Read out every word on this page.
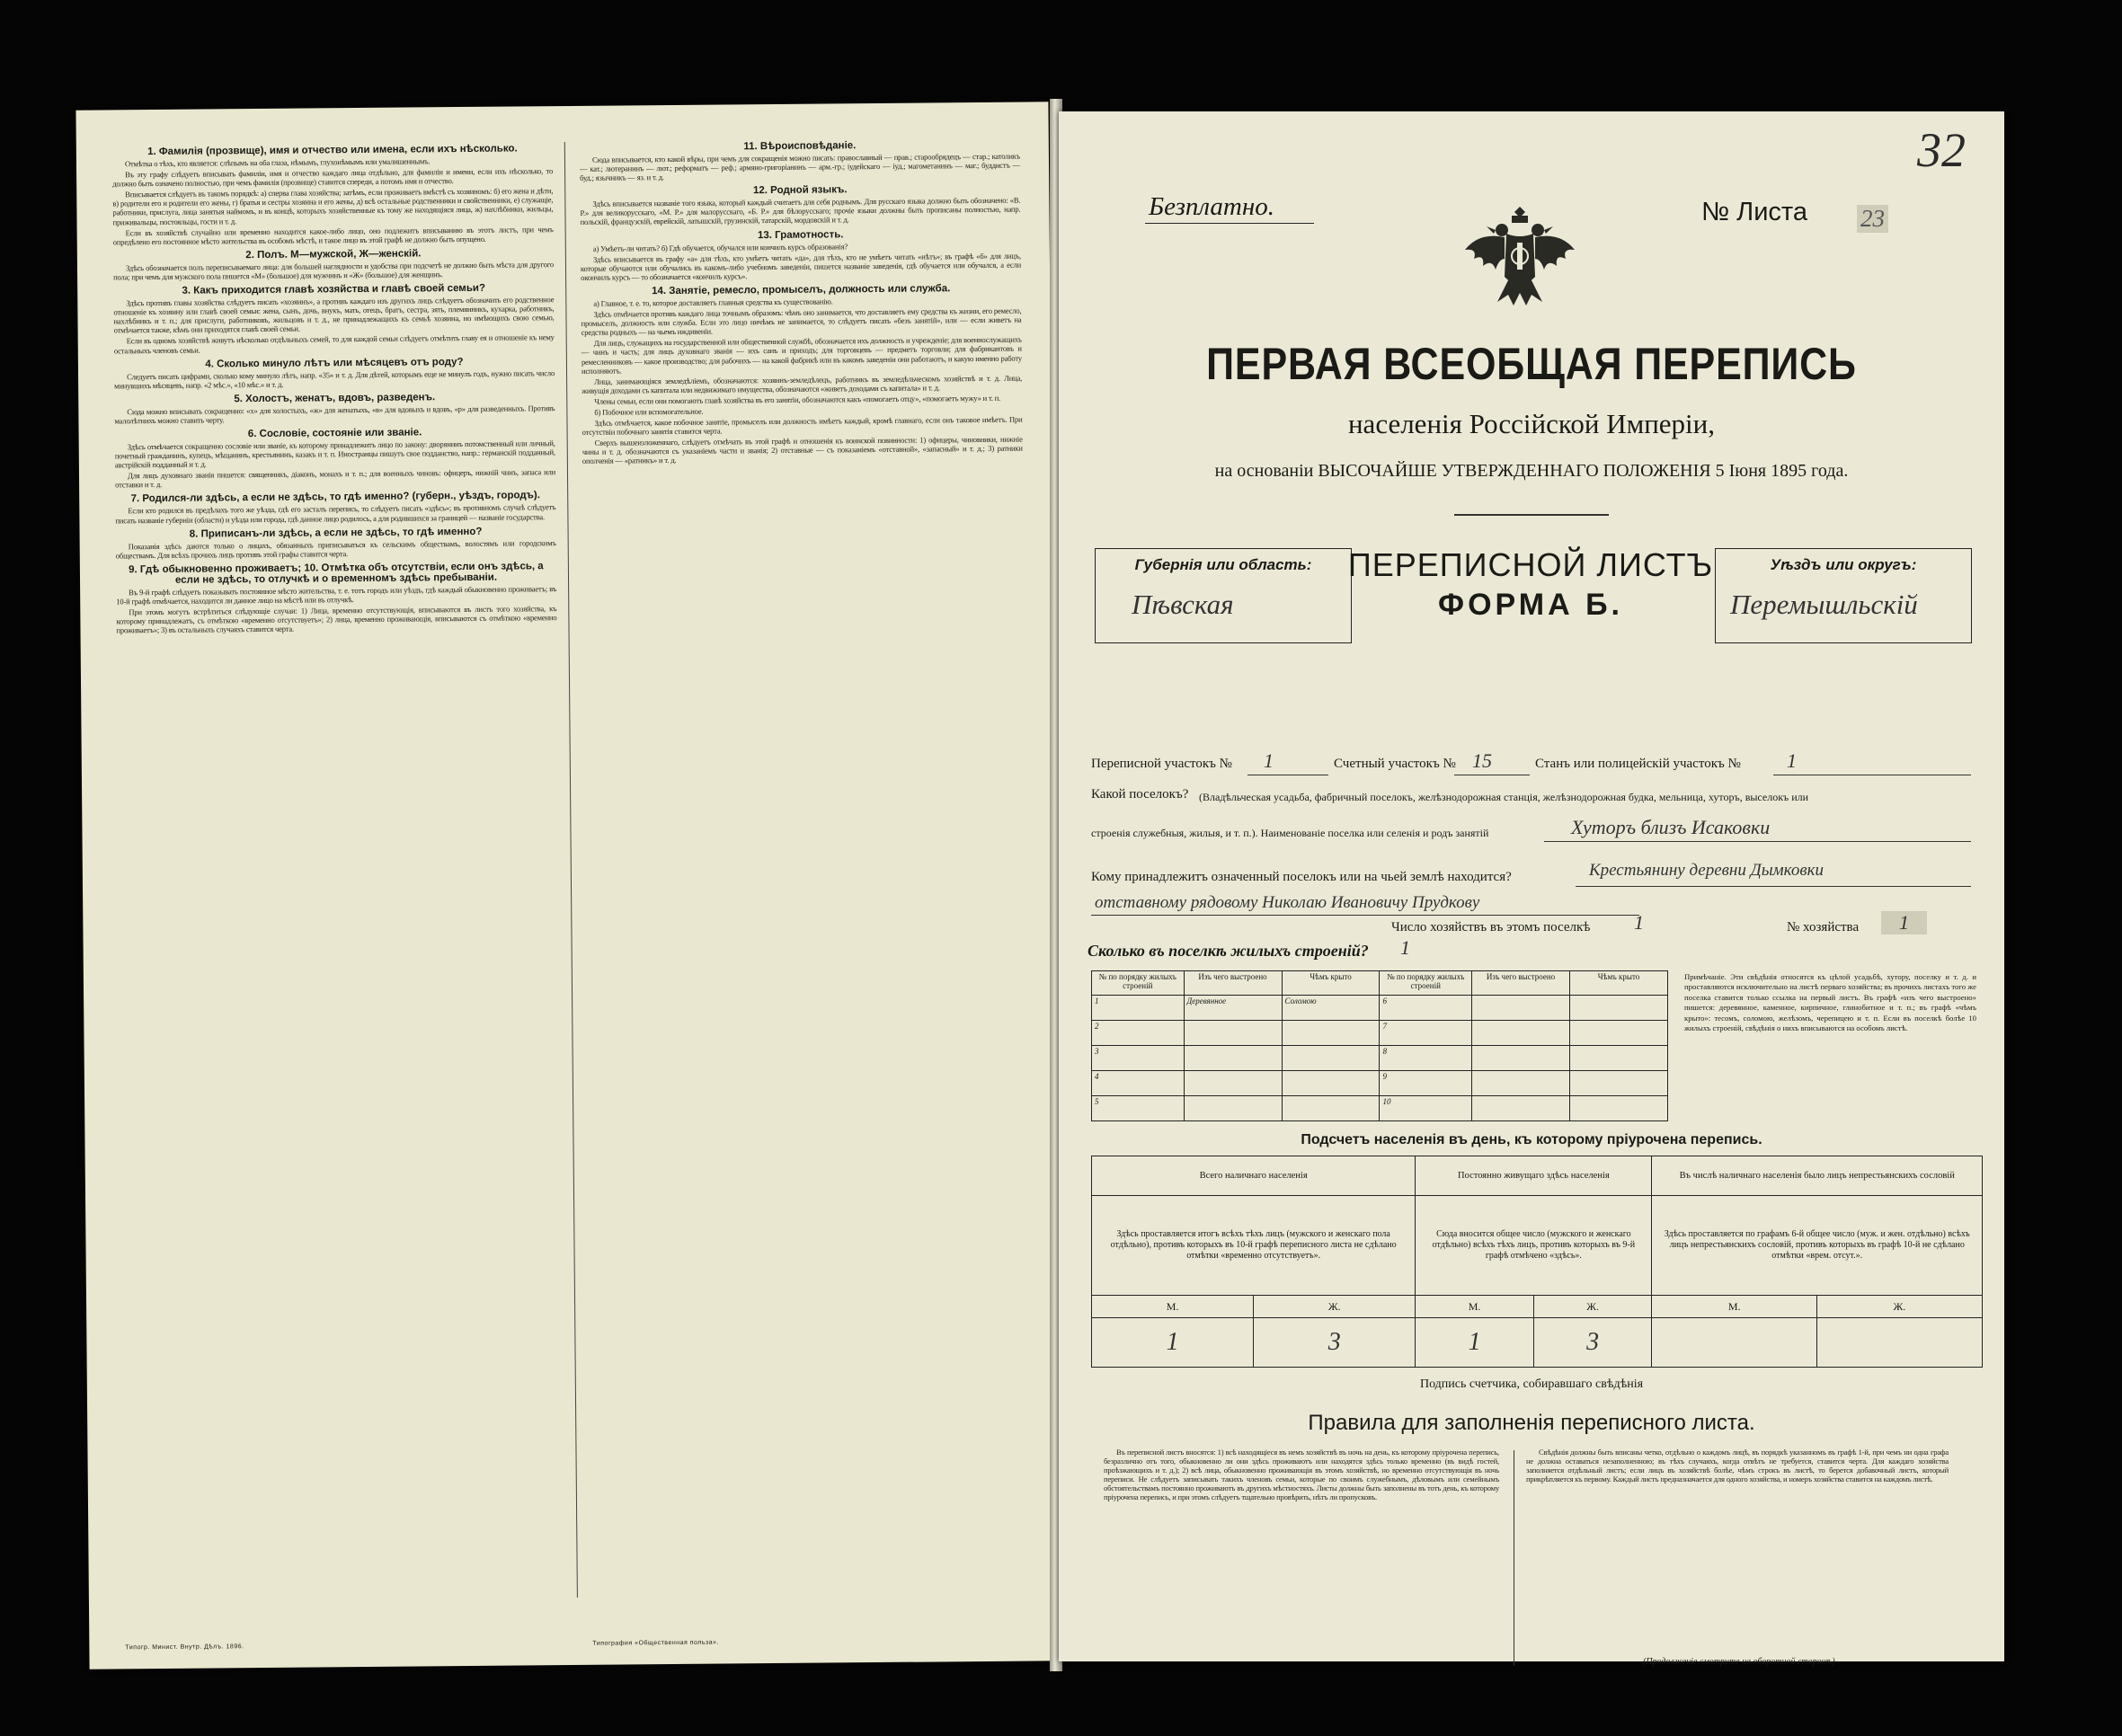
1. Фамилія (прозвище), имя и отчество или имена, если ихъ нѣсколько.
Отмѣтка о тѣхъ, кто является: слѣпымъ на оба глаза, нѣмымъ, глухонѣмымъ или умалишеннымъ.
Въ эту графу слѣдуетъ вписывать фамиліи, имя и отчество каждаго лица отдѣльно, для фамиліи и имени, если ихъ нѣсколько, то должно быть означено полностью, при чемъ фамилія (прозвище) ставится спереди, а потомъ имя и отчество.
Вписывается слѣдуетъ въ такомъ порядкѣ: а) сперва глава хозяйства; затѣмъ, если проживаетъ вмѣстѣ съ хозяиномъ: б) его жена и дѣти, в) родители его и родители его жены, г) братья и сестры хозяина и его жены, д) всѣ остальные родственники и свойственники, е) служащіе, работники, прислуга, лица занятыя наймомъ, и въ концѣ, которыхъ хозяйственные къ тому же находящіяся лица, ж) нахлѣбники, жильцы, приживальцы, постояльцы, гости и т. д.
Если въ хозяйствѣ случайно или временно находится какое-либо лицо, оно подлежитъ вписыванию въ этотъ листъ, при чемъ опредѣлено его постоянное мѣсто жительства въ особомъ мѣстѣ, и такое лицо въ этой графѣ не должно быть опущено.
2. Полъ. М—мужской, Ж—женскій.
Здѣсь обозначается полъ переписываемаго лица: для большей наглядности и удобства при подсчетѣ не должно быть мѣста для другого пола; при чемъ для мужского пола пишется «М» (большое) для мужчинъ и «Ж» (большое) для женщинъ.
3. Какъ приходится главѣ хозяйства и главѣ своей семьи?
Здѣсь противъ главы хозяйства слѣдуетъ писать «хозяинъ», а противъ каждаго изъ другихъ лицъ слѣдуетъ обозначить его родственное отношеніе къ хозяину или главѣ своей семьи: жена, сынъ, дочь, внукъ, мать, отецъ, братъ, сестра, зять, племянникъ, кухарка, работникъ, нахлѣбникъ и т. п.; для прислуги, работниковъ, жильцовъ и т. д., не принадлежащихъ къ семьѣ хозяина, но имѣющихъ свою семью, отмѣчается также, кѣмъ они приходятся главѣ своей семьи.
Если въ одномъ хозяйствѣ живутъ нѣсколько отдѣльныхъ семей, то для каждой семьи слѣдуетъ отмѣтить главу ея и отношеніе къ нему остальныхъ членовъ семьи.
4. Сколько минуло лѣтъ или мѣсяцевъ отъ роду?
Следуетъ писать цифрами, сколько кому минуло лѣтъ, напр. «35» и т. д. Для дѣтей, которымъ еще не минулъ годъ, нужно писать число минувшихъ мѣсяцевъ, напр. «2 мѣс.», «10 мѣс.» и т. д.
5. Холостъ, женатъ, вдовъ, разведенъ.
Сюда можно вписывать сокращенно: «х» для холостыхъ, «ж» для женатыхъ, «в» для вдовыхъ и вдовъ, «р» для разведенныхъ. Противъ малолѣтнихъ можно ставить черту.
6. Сословіе, состояніе или званіе.
Здѣсь отмѣчается сокращенно сословіе или званіе, къ которому принадлежитъ лицо по закону: дворянинъ потомственный или личный, почетный гражданинъ, купецъ, мѣщанинъ, крестьянинъ, казакъ и т. п. Иностранцы пишутъ свое подданство, напр.: германскій подданный, австрійскій подданный и т. д.
Для лицъ духовнаго званія пишется: священникъ, діаконъ, монахъ и т. п.; для военныхъ чиновъ: офицеръ, нижній чинъ, запаса или отставки и т. д.
7. Родился-ли здѣсь, а если не здѣсь, то гдѣ именно? (губерн., уѣздъ, городъ).
Если кто родился въ предѣлахъ того же уѣзда, гдѣ его засталъ перепись, то слѣдуетъ писать «здѣсь»; въ противномъ случаѣ слѣдуетъ писать названіе губерніи (области) и уѣзда или города, гдѣ данное лицо родилось, а для родившихся за границей — названіе государства.
8. Приписанъ-ли здѣсь, а если не здѣсь, то гдѣ именно?
Показанія здѣсь даются только о лицахъ, обязанныхъ приписываться къ сельскимъ обществамъ, волостямъ или городскимъ обществамъ. Для всѣхъ прочихъ лицъ противъ этой графы ставится черта.
9. Гдѣ обыкновенно проживаетъ; 10. Отмѣтка объ отсутствіи, если онъ здѣсь, а если не здѣсь, то отлучкѣ и о временномъ здѣсь пребываніи.
Въ 9-й графѣ слѣдуетъ показывать постоянное мѣсто жительства, т. е. тотъ городъ или уѣздъ, гдѣ каждый обыкновенно проживаетъ; въ 10-й графѣ отмѣчается, находится ли данное лицо на мѣстѣ или въ отлучкѣ.
При этомъ могутъ встрѣтиться слѣдующіе случаи: 1) Лица, временно отсутствующія, вписываются въ листъ того хозяйства, къ которому принадлежатъ, съ отмѣткою «временно отсутствуетъ»; 2) лица, временно проживающія, вписываются съ отмѣткою «временно проживаетъ»; 3) въ остальныхъ случаяхъ ставится черта.
11. Вѣроисповѣданіе.
Сюда вписывается, кто какой вѣры, при чемъ для сокращенія можно писать: православный — прав.; старообрядецъ — стар.; католикъ — кат.; лютеранинъ — лют.; реформатъ — реф.; армяно-григоріанинъ — арм.-гр.; іудейскаго — іуд.; магометанинъ — маг.; буддистъ — буд.; язычникъ — яз. и т. д.
12. Родной языкъ.
Здѣсь вписывается названіе того языка, который каждый считаетъ для себя роднымъ. Для русскаго языка должно быть обозначено: «В. Р.» для великорусскаго, «М. Р.» для малорусскаго, «Б. Р.» для бѣлорусскаго; прочіе языки должны быть прописаны полностью, напр. польскій, французскій, еврейскій, латышскій, грузинскій, татарскій, мордовскій и т. д.
13. Грамотность.
а) Умѣетъ-ли читать? б) Гдѣ обучается, обучался или кончилъ курсъ образованія?
Здѣсь вписывается въ графу «а» для тѣхъ, кто умѣетъ читать «да», для тѣхъ, кто не умѣетъ читать «нѣтъ»; въ графѣ «б» для лицъ, которые обучаются или обучались въ какомъ-либо учебномъ заведеніи, пишется названіе заведенія, гдѣ обучается или обучался, а если окончилъ курсъ — то обозначается «кончилъ курсъ».
14. Занятіе, ремесло, промыселъ, должность или служба.
а) Главное, т. е. то, которое доставляетъ главныя средства къ существованію.
Здѣсь отмѣчается противъ каждаго лица точнымъ образомъ: чѣмъ оно занимается, что доставляетъ ему средства къ жизни, его ремесло, промыселъ, должность или служба. Если это лицо ничѣмъ не занимается, то слѣдуетъ писать «безъ занятій», или — если живетъ на средства родныхъ — на чьемъ иждивеніи.
Для лицъ, служащихъ на государственной или общественной службѣ, обозначается ихъ должность и учрежденіе; для военнослужащихъ — чинъ и часть; для лицъ духовнаго званія — ихъ санъ и приходъ; для торговцевъ — предметъ торговли; для фабрикантовъ и ремесленниковъ — какое производство; для рабочихъ — на какой фабрикѣ или въ какомъ заведеніи они работаютъ, и какую именно работу исполняютъ.
Лица, занимающіяся земледѣліемъ, обозначаются: хозяинъ-земледѣлецъ, работникъ въ земледѣльческомъ хозяйствѣ и т. д. Лица, живущія доходами съ капитала или недвижимаго имущества, обозначаются «живетъ доходами съ капитала» и т. д.
Члены семьи, если они помогаютъ главѣ хозяйства въ его занятіи, обозначаются какъ «помогаетъ отцу», «помогаетъ мужу» и т. п.
б) Побочное или вспомогательное.
Здѣсь отмѣчается, какое побочное занятіе, промыселъ или должность имѣетъ каждый, кромѣ главнаго, если онъ таковое имѣетъ. При отсутствіи побочнаго занятія ставится черта.
Сверхъ вышеизложеннаго, слѣдуетъ отмѣчать въ этой графѣ и отношенія къ воинской повинности: 1) офицеры, чиновники, нижніе чины и т. д. обозначаются съ указаніемъ части и званія; 2) отставные — съ показаніемъ «отставной», «запасный» и т. д.; 3) ратники ополченія — «ратникъ» и т. д.
Типогр. Минист. Внутр. Дѣлъ. 1896.
Типография «Общественная польза».
32
Безплатно.	№ Листа 23
ПЕРВАЯ ВСЕОБЩАЯ ПЕРЕПИСЬ
населенія Россійской Имперіи,
на основаніи ВЫСОЧАЙШЕ УТВЕРЖДЕННАГО ПОЛОЖЕНІЯ 5 Іюня 1895 года.
Губернія или область:
Пѣвская
ПЕРЕПИСНОЙ ЛИСТЪ
ФОРМА Б.
Уѣздъ или округъ:
Перемышльскій
Переписной участокъ № 1	Счетный участокъ № 15	Станъ или полицейскій участокъ № 1
Какой поселокъ? (Владѣльческая усадьба, фабричный поселокъ, желѣзнодорожная станція, желѣзнодорожная будка, мельница, хуторъ, выселокъ или
строенія служебныя, жилыя, и т. п.). Наименованіе поселка или селенія и родъ занятій	Хуторъ близъ Исаковки
Кому принадлежитъ означенный поселокъ или на чьей землѣ находится?	Крестьянину деревни Дымковки
отставному рядовому Николаю Ивановичу Прудкову
Число хозяйствъ въ этомъ поселкѣ 1	№ хозяйства	1
Сколько въ поселкѣ жилыхъ строеній? 1
№ по порядку жилыхъ строеній	Изъ чего выстроено	Чѣмъ крыто	№ по порядку жилыхъ строеній	Изъ чего выстроено	Чѣмъ крыто
1	Деревянное	Соломою	6		
2			7		
3			8		
4			9		
5			10		
Примѣчаніе. Эти свѣдѣнія относятся къ цѣлой усадьбѣ, хутору, поселку и т. д. и проставляются исключительно на листѣ перваго хозяйства; въ прочихъ листахъ того же поселка ставится только ссылка на первый листъ. Въ графѣ «изъ чего выстроено» пишется: деревянное, каменное, кирпичное, глинобитное и т. п.; въ графѣ «чѣмъ крыто»: тесомъ, соломою, желѣзомъ, черепицею и т. п. Если въ поселкѣ болѣе 10 жилыхъ строеній, свѣдѣнія о нихъ вписываются на особомъ листѣ.
Подсчетъ населенія въ день, къ которому пріурочена перепись.
Всего наличнаго населенія		Постоянно живущаго здѣсь населенія		Въ числѣ наличнаго населенія было лицъ непрестьянскихъ сословій	
Здѣсь проставляется итогъ всѣхъ тѣхъ лицъ (мужского и женскаго пола отдѣльно), противъ которыхъ въ 10-й графѣ переписного листа не сдѣлано отмѣтки «временно отсутствуетъ».		Сюда вносится общее число (мужского и женскаго отдѣльно) всѣхъ тѣхъ лицъ, противъ которыхъ въ 9-й графѣ отмѣчено «здѣсь».		Здѣсь проставляется по графамъ 6-й общее число (муж. и жен. отдѣльно) всѣхъ лицъ непрестьянскихъ сословій, противъ которыхъ въ графѣ 10-й не сдѣлано отмѣтки «врем. отсут.».	
М.	Ж.	М.	Ж.	М.	Ж.
1	3	1	3		
Подпись счетчика, собиравшаго свѣдѣнія
Правила для заполненія переписного листа.
Въ переписной листъ вносятся: 1) всѣ находящіеся въ немъ хозяйствѣ въ ночь на день, къ которому пріурочена перепись, безразлично отъ того, обыкновенно ли они здѣсь проживаютъ или находятся здѣсь только временно (въ видѣ гостей, проѣзжающихъ и т. д.); 2) всѣ лица, обыкновенно проживающія въ этомъ хозяйствѣ, но временно отсутствующія въ ночь переписи. Не слѣдуетъ записывать такихъ членовъ семьи, которые по своимъ служебнымъ, дѣловымъ или семейнымъ обстоятельствамъ постоянно проживаютъ въ другихъ мѣстностяхъ. Листы должны быть заполнены въ тотъ день, къ которому пріурочена перепись, и при этомъ слѣдуетъ тщательно провѣрить, нѣтъ ли пропусковъ.
Свѣдѣнія должны быть вписаны четко, отдѣльно о каждомъ лицѣ, въ порядкѣ указанномъ въ графѣ 1-й, при чемъ ни одна графа не должна оставаться незаполненною; въ тѣхъ случаяхъ, когда отвѣтъ не требуется, ставится черта. Для каждаго хозяйства заполняется отдѣльный листъ; если лицъ въ хозяйствѣ болѣе, чѣмъ строкъ въ листѣ, то берется добавочный листъ, который прикрѣпляется къ первому. Каждый листъ предназначается для одного хозяйства, и номеръ хозяйства ставится на каждомъ листѣ.
(Продолженіе смотрите на оборотной сторонѣ)
